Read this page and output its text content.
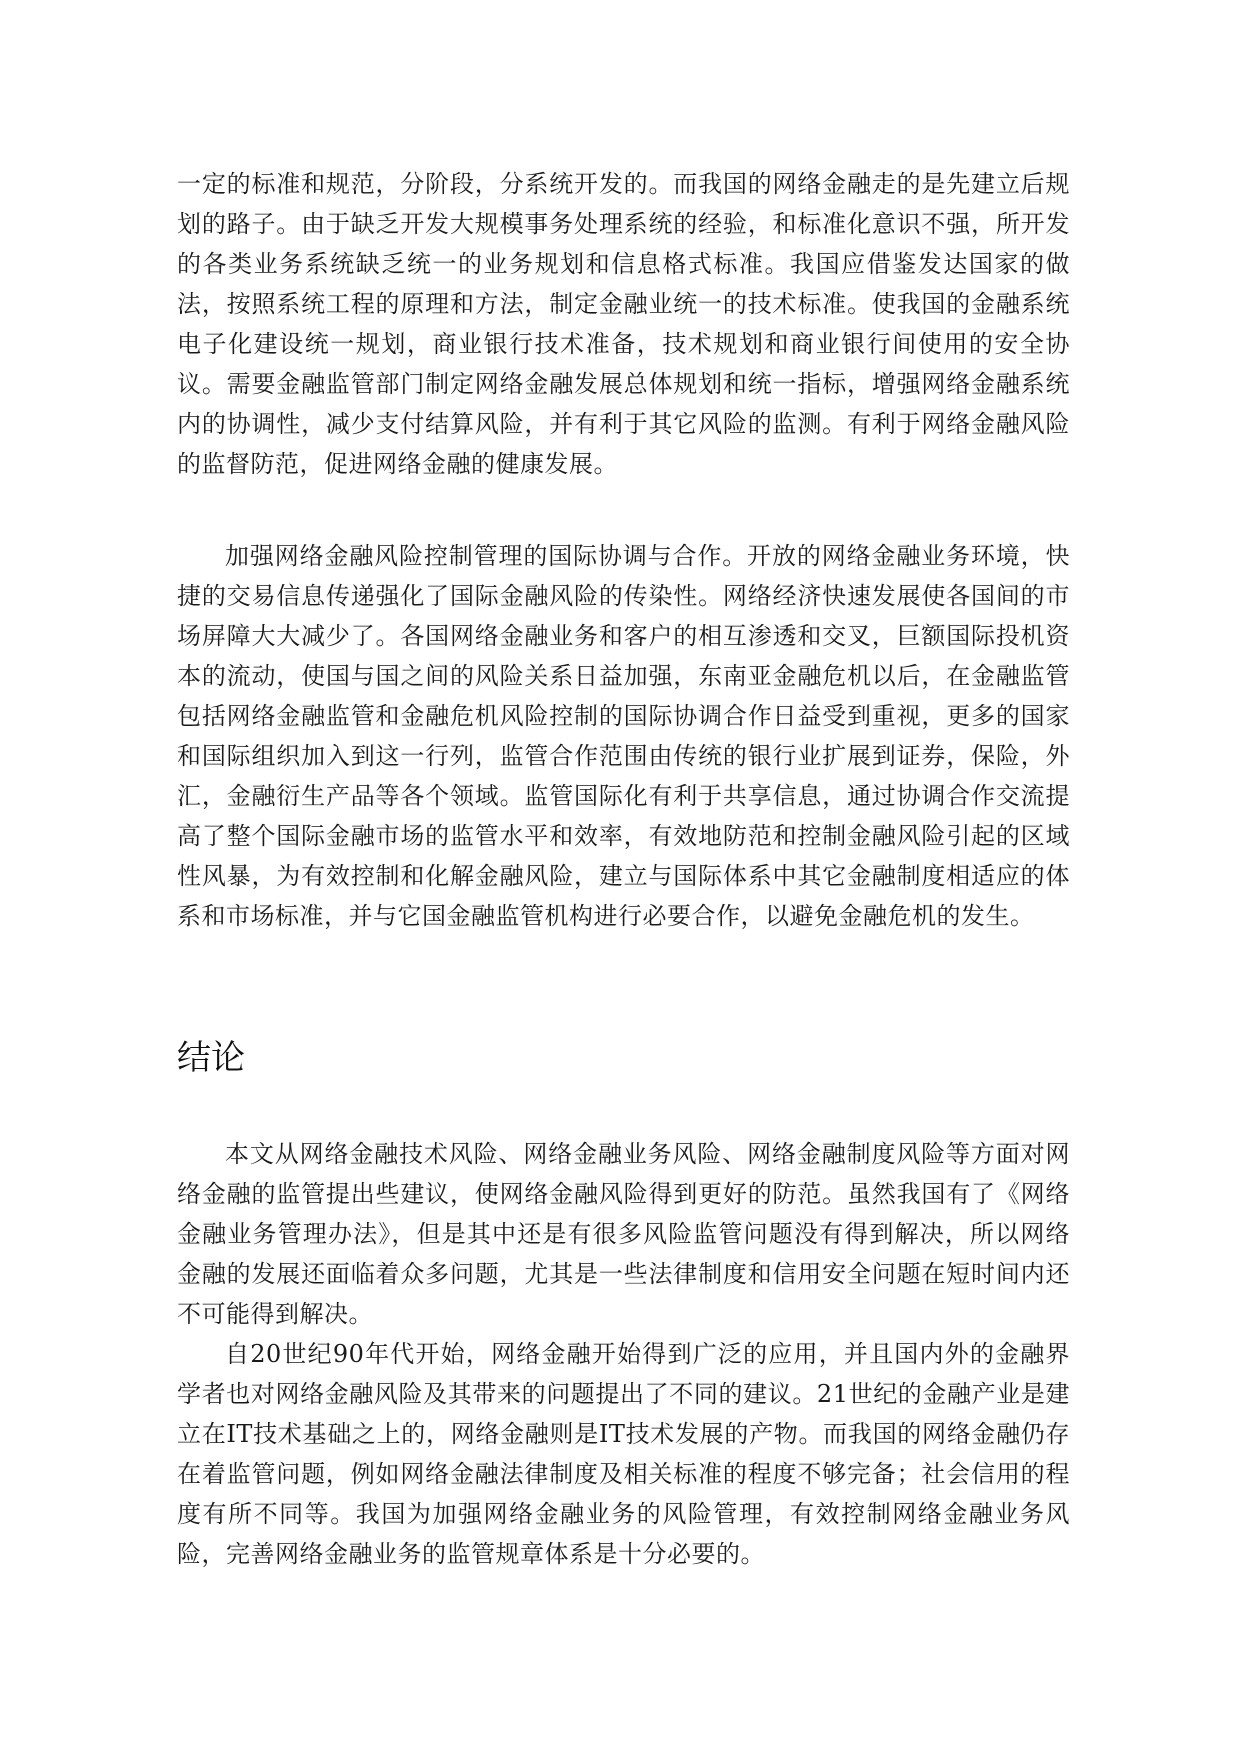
一定的标准和规范，分阶段，分系统开发的。而我国的网络金融走的是先建立后规划的路子。由于缺乏开发大规模事务处理系统的经验，和标准化意识不强，所开发的各类业务系统缺乏统一的业务规划和信息格式标准。我国应借鉴发达国家的做法，按照系统工程的原理和方法，制定金融业统一的技术标准。使我国的金融系统电子化建设统一规划，商业银行技术准备，技术规划和商业银行间使用的安全协议。需要金融监管部门制定网络金融发展总体规划和统一指标，增强网络金融系统内的协调性，减少支付结算风险，并有利于其它风险的监测。有利于网络金融风险的监督防范，促进网络金融的健康发展。

加强网络金融风险控制管理的国际协调与合作。开放的网络金融业务环境，快捷的交易信息传递强化了国际金融风险的传染性。网络经济快速发展使各国间的市场屏障大大减少了。各国网络金融业务和客户的相互渗透和交叉，巨额国际投机资本的流动，使国与国之间的风险关系日益加强，东南亚金融危机以后，在金融监管包括网络金融监管和金融危机风险控制的国际协调合作日益受到重视，更多的国家和国际组织加入到这一行列，监管合作范围由传统的银行业扩展到证券，保险，外汇，金融衍生产品等各个领域。监管国际化有利于共享信息，通过协调合作交流提高了整个国际金融市场的监管水平和效率，有效地防范和控制金融风险引起的区域性风暴，为有效控制和化解金融风险，建立与国际体系中其它金融制度相适应的体系和市场标准，并与它国金融监管机构进行必要合作，以避免金融危机的发生。

结论

本文从网络金融技术风险、网络金融业务风险、网络金融制度风险等方面对网络金融的监管提出些建议，使网络金融风险得到更好的防范。虽然我国有了《网络金融业务管理办法》，但是其中还是有很多风险监管问题没有得到解决，所以网络金融的发展还面临着众多问题，尤其是一些法律制度和信用安全问题在短时间内还不可能得到解决。

自20世纪90年代开始，网络金融开始得到广泛的应用，并且国内外的金融界学者也对网络金融风险及其带来的问题提出了不同的建议。21世纪的金融产业是建立在IT技术基础之上的，网络金融则是IT技术发展的产物。而我国的网络金融仍存在着监管问题，例如网络金融法律制度及相关标准的程度不够完备；社会信用的程度有所不同等。我国为加强网络金融业务的风险管理，有效控制网络金融业务风险，完善网络金融业务的监管规章体系是十分必要的。
